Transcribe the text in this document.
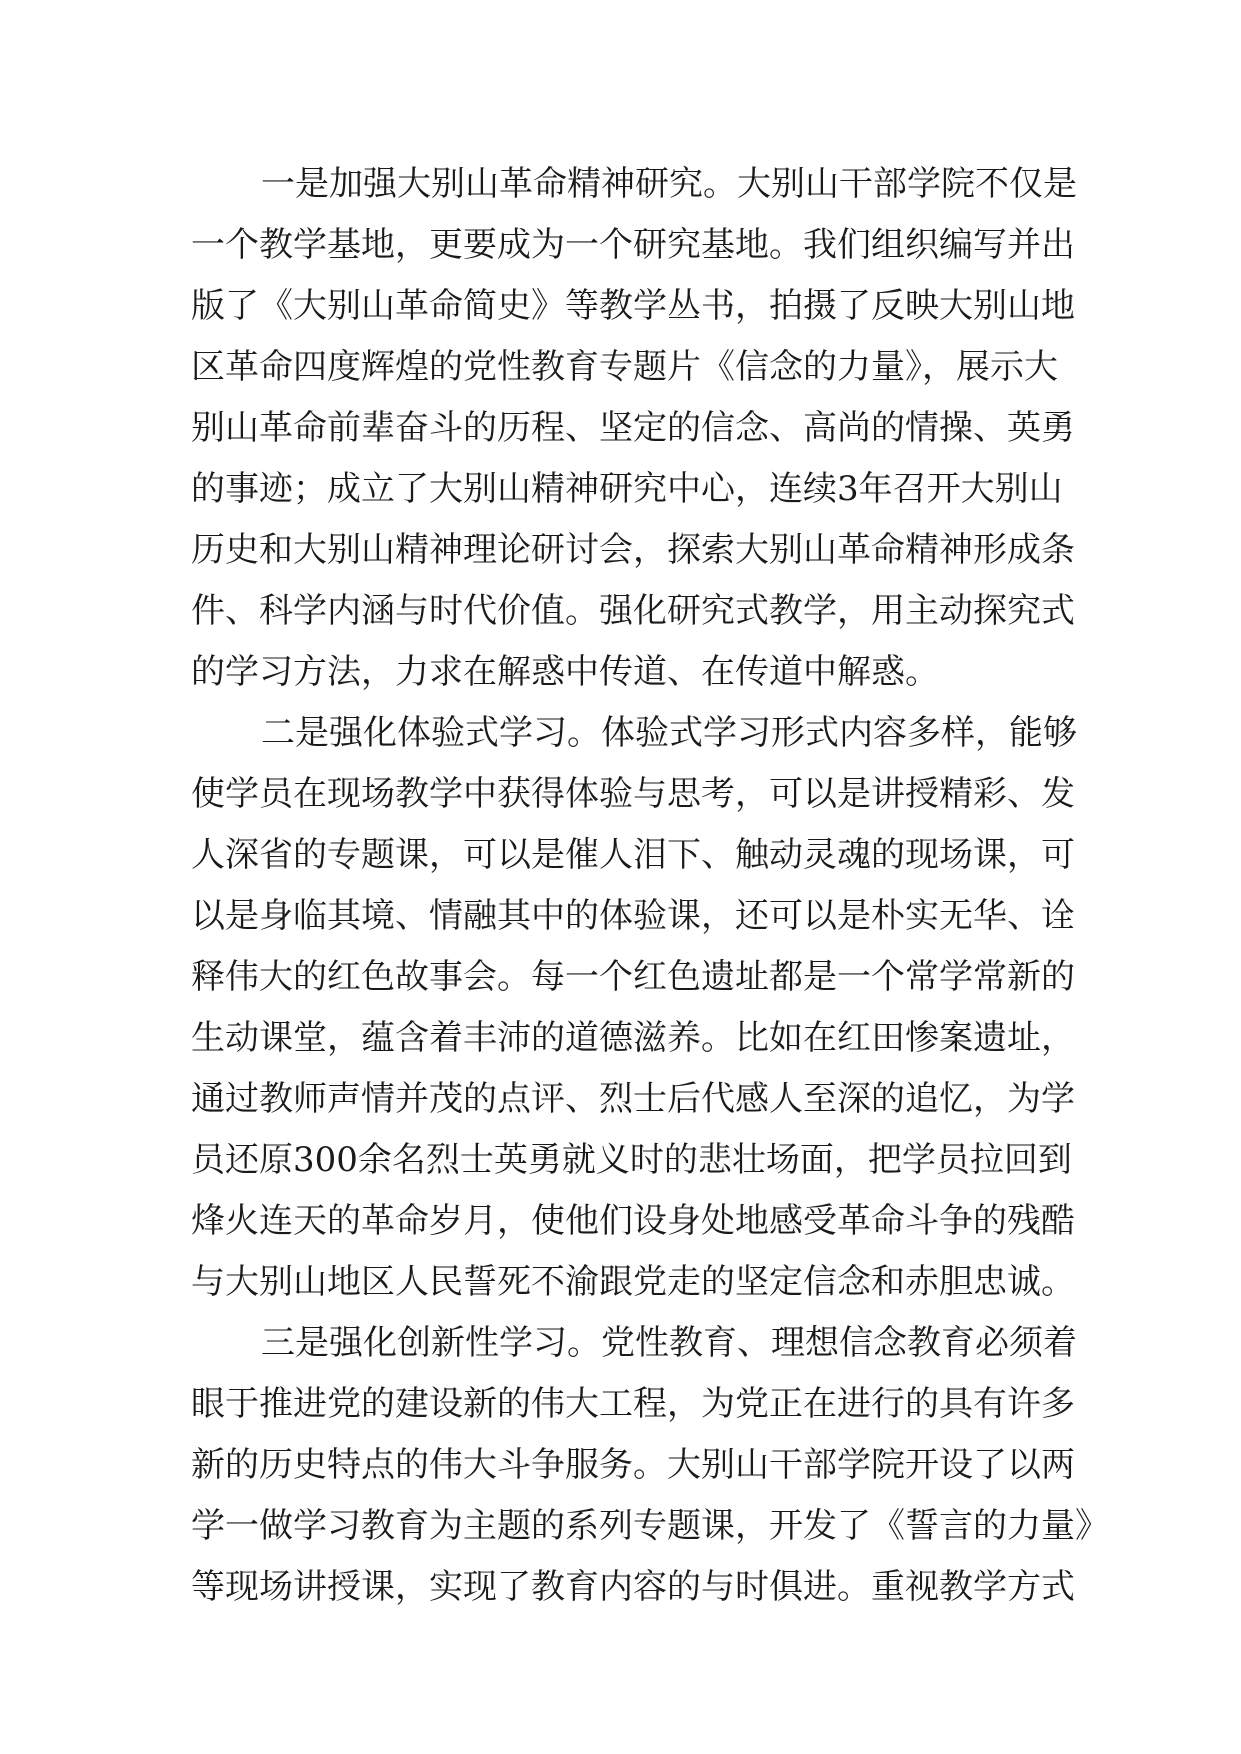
一是加强大别山革命精神研究。大别山干部学院不仅是
一个教学基地，更要成为一个研究基地。我们组织编写并出
版了《大别山革命简史》等教学丛书，拍摄了反映大别山地
区革命四度辉煌的党性教育专题片《信念的力量》，展示大
别山革命前辈奋斗的历程、坚定的信念、高尚的情操、英勇
的事迹；成立了大别山精神研究中心，连续3年召开大别山
历史和大别山精神理论研讨会，探索大别山革命精神形成条
件、科学内涵与时代价值。强化研究式教学，用主动探究式
的学习方法，力求在解惑中传道、在传道中解惑。
二是强化体验式学习。体验式学习形式内容多样，能够
使学员在现场教学中获得体验与思考，可以是讲授精彩、发
人深省的专题课，可以是催人泪下、触动灵魂的现场课，可
以是身临其境、情融其中的体验课，还可以是朴实无华、诠
释伟大的红色故事会。每一个红色遗址都是一个常学常新的
生动课堂，蕴含着丰沛的道德滋养。比如在红田惨案遗址，
通过教师声情并茂的点评、烈士后代感人至深的追忆，为学
员还原300余名烈士英勇就义时的悲壮场面，把学员拉回到
烽火连天的革命岁月，使他们设身处地感受革命斗争的残酷
与大别山地区人民誓死不渝跟党走的坚定信念和赤胆忠诚。
三是强化创新性学习。党性教育、理想信念教育必须着
眼于推进党的建设新的伟大工程，为党正在进行的具有许多
新的历史特点的伟大斗争服务。大别山干部学院开设了以两
学一做学习教育为主题的系列专题课，开发了《誓言的力量》
等现场讲授课，实现了教育内容的与时俱进。重视教学方式
